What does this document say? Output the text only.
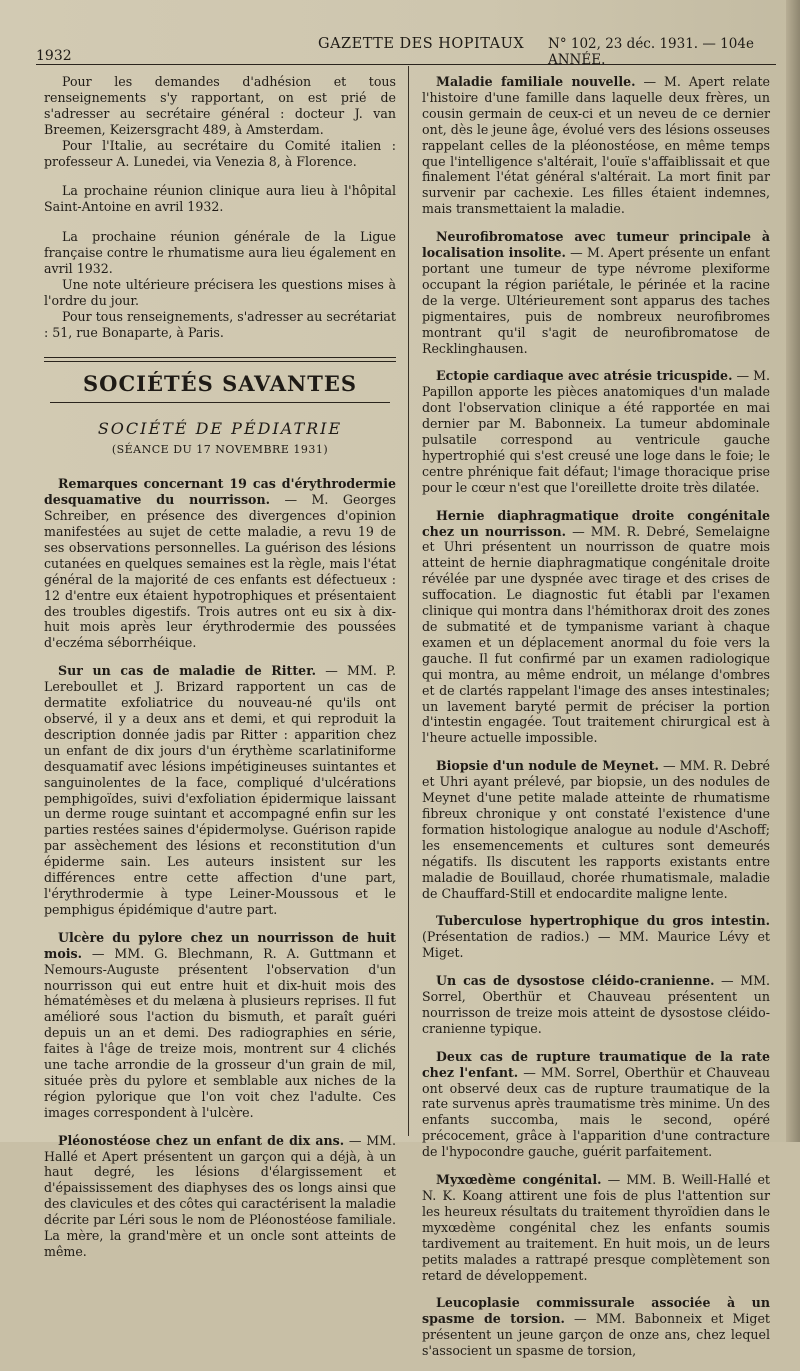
1932
GAZETTE DES HOPITAUX N° 102, 23 déc. 1931. — 104e ANNÉE.

Pour les demandes d'adhésion et tous renseignements s'y rapportant, on est prié de s'adresser au secrétaire général : docteur J. van Breemen, Keizersgracht 489, à Amsterdam.

Pour l'Italie, au secrétaire du Comité italien : professeur A. Lunedei, via Venezia 8, à Florence.

La prochaine réunion clinique aura lieu à l'hôpital Saint-Antoine en avril 1932.

La prochaine réunion générale de la Ligue française contre le rhumatisme aura lieu également en avril 1932.

Une note ultérieure précisera les questions mises à l'ordre du jour.

Pour tous renseignements, s'adresser au secrétariat : 51, rue Bonaparte, à Paris.

SOCIÉTÉS SAVANTES
SOCIÉTÉ DE PÉDIATRIE
(SÉANCE DU 17 NOVEMBRE 1931)

Remarques concernant 19 cas d'érythrodermie desquamative du nourrisson. — M. Georges Schreiber, en présence des divergences d'opinion manifestées au sujet de cette maladie, a revu 19 de ses observations personnelles. La guérison des lésions cutanées en quelques semaines est la règle, mais l'état général de la majorité de ces enfants est défectueux : 12 d'entre eux étaient hypotrophiques et présentaient des troubles digestifs. Trois autres ont eu six à dix-huit mois après leur érythrodermie des poussées d'eczéma séborrhéique.

Sur un cas de maladie de Ritter. — MM. P. Lereboullet et J. Brizard rapportent un cas de dermatite exfoliatrice du nouveau-né qu'ils ont observé, il y a deux ans et demi, et qui reproduit la description donnée jadis par Ritter : apparition chez un enfant de dix jours d'un érythème scarlatiniforme desquamatif avec lésions impétigineuses suintantes et sanguinolentes de la face, compliqué d'ulcérations pemphigoïdes, suivi d'exfoliation épidermique laissant un derme rouge suintant et accompagné enfin sur les parties restées saines d'épidermolyse. Guérison rapide par assèchement des lésions et reconstitution d'un épiderme sain. Les auteurs insistent sur les différences entre cette affection d'une part, l'érythrodermie à type Leiner-Moussous et le pemphigus épidémique d'autre part.

Ulcère du pylore chez un nourrisson de huit mois. — MM. G. Blechmann, R. A. Guttmann et Nemours-Auguste présentent l'observation d'un nourrisson qui eut entre huit et dix-huit mois des hématémèses et du melæna à plusieurs reprises. Il fut amélioré sous l'action du bismuth, et paraît guéri depuis un an et demi. Des radiographies en série, faites à l'âge de treize mois, montrent sur 4 clichés une tache arrondie de la grosseur d'un grain de mil, située près du pylore et semblable aux niches de la région pylorique que l'on voit chez l'adulte. Ces images correspondent à l'ulcère.

Pléonostéose chez un enfant de dix ans. — MM. Hallé et Apert présentent un garçon qui a déjà, à un haut degré, les lésions d'élargissement et d'épaississement des diaphyses des os longs ainsi que des clavicules et des côtes qui caractérisent la maladie décrite par Léri sous le nom de Pléonostéose familiale. La mère, la grand'mère et un oncle sont atteints de même.

Maladie familiale nouvelle. — M. Apert relate l'histoire d'une famille dans laquelle deux frères, un cousin germain de ceux-ci et un neveu de ce dernier ont, dès le jeune âge, évolué vers des lésions osseuses rappelant celles de la pléonostéose, en même temps que l'intelligence s'altérait, l'ouïe s'affaiblissait et que finalement l'état général s'altérait. La mort finit par survenir par cachexie. Les filles étaient indemnes, mais transmettaient la maladie.

Neurofibromatose avec tumeur principale à localisation insolite. — M. Apert présente un enfant portant une tumeur de type névrome plexiforme occupant la région pariétale, le périnée et la racine de la verge. Ultérieurement sont apparus des taches pigmentaires, puis de nombreux neurofibromes montrant qu'il s'agit de neurofibromatose de Recklinghausen.

Ectopie cardiaque avec atrésie tricuspide. — M. Papillon apporte les pièces anatomiques d'un malade dont l'observation clinique a été rapportée en mai dernier par M. Babonneix. La tumeur abdominale pulsatile correspond au ventricule gauche hypertrophié qui s'est creusé une loge dans le foie; le centre phrénique fait défaut; l'image thoracique prise pour le cœur n'est que l'oreillette droite très dilatée.

Hernie diaphragmatique droite congénitale chez un nourrisson. — MM. R. Debré, Semelaigne et Uhri présentent un nourrisson de quatre mois atteint de hernie diaphragmatique congénitale droite révélée par une dyspnée avec tirage et des crises de suffocation. Le diagnostic fut établi par l'examen clinique qui montra dans l'hémithorax droit des zones de submatité et de tympanisme variant à chaque examen et un déplacement anormal du foie vers la gauche. Il fut confirmé par un examen radiologique qui montra, au même endroit, un mélange d'ombres et de clartés rappelant l'image des anses intestinales; un lavement baryté permit de préciser la portion d'intestin engagée. Tout traitement chirurgical est à l'heure actuelle impossible.

Biopsie d'un nodule de Meynet. — MM. R. Debré et Uhri ayant prélevé, par biopsie, un des nodules de Meynet d'une petite malade atteinte de rhumatisme fibreux chronique y ont constaté l'existence d'une formation histologique analogue au nodule d'Aschoff; les ensemencements et cultures sont demeurés négatifs. Ils discutent les rapports existants entre maladie de Bouillaud, chorée rhumatismale, maladie de Chauffard-Still et endocardite maligne lente.

Tuberculose hypertrophique du gros intestin. (Présentation de radios.) — MM. Maurice Lévy et Miget.

Un cas de dysostose cléido-cranienne. — MM. Sorrel, Oberthür et Chauveau présentent un nourrisson de treize mois atteint de dysostose cléido-cranienne typique.

Deux cas de rupture traumatique de la rate chez l'enfant. — MM. Sorrel, Oberthür et Chauveau ont observé deux cas de rupture traumatique de la rate survenus après traumatisme très minime. Un des enfants succomba, mais le second, opéré précocement, grâce à l'apparition d'une contracture de l'hypocondre gauche, guérit parfaitement.

Myxœdème congénital. — MM. B. Weill-Hallé et N. K. Koang attirent une fois de plus l'attention sur les heureux résultats du traitement thyroïdien dans le myxœdème congénital chez les enfants soumis tardivement au traitement. En huit mois, un de leurs petits malades a rattrapé presque complètement son retard de développement.

Leucoplasie commissurale associée à un spasme de torsion. — MM. Babonneix et Miget présentent un jeune garçon de onze ans, chez lequel s'associent un spasme de torsion,
